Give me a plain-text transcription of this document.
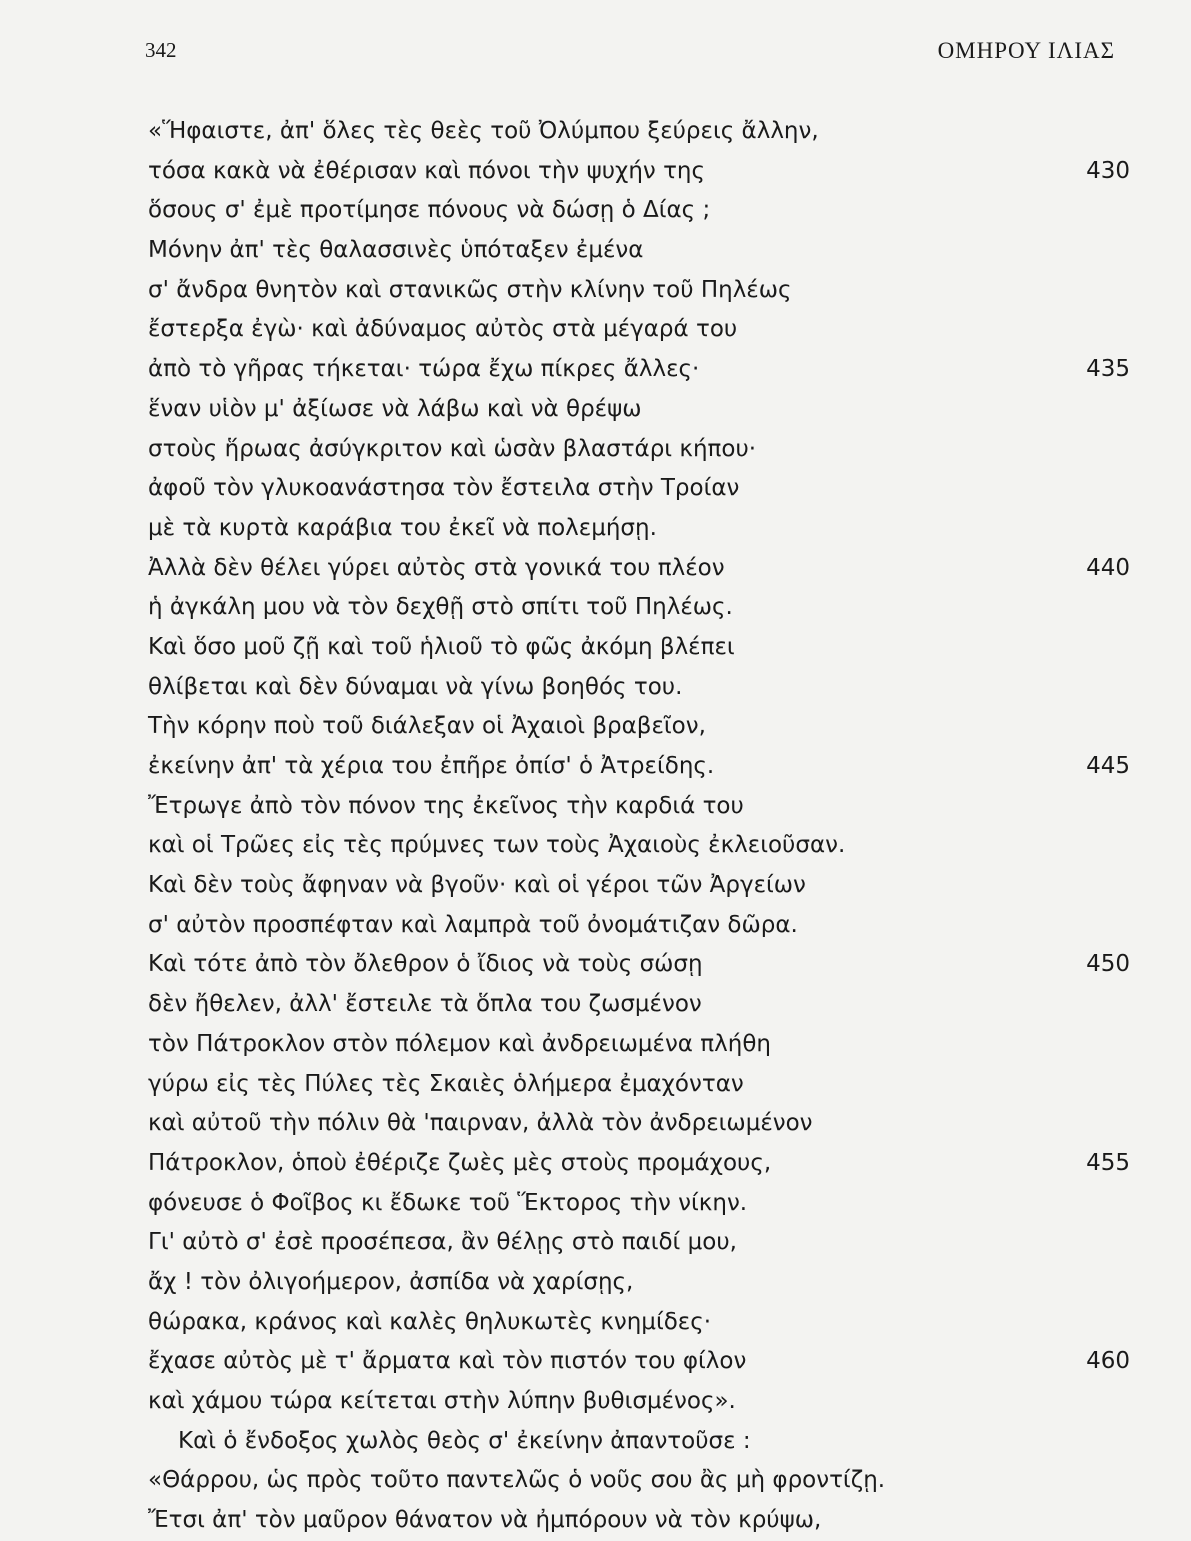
342	ΟΜΗΡΟΥ ΙΛΙΑΣ
«Ἥφαιστε, ἀπ' ὅλες τὲς θεὲς τοῦ Ὀλύμπου ξεύρεις ἄλλην,
τόσα κακὰ νὰ ἐθέρισαν καὶ πόνοι τὴν ψυχήν της	430
ὅσους σ' ἐμὲ προτίμησε πόνους νὰ δώσῃ ὁ Δίας ;
Μόνην ἀπ' τὲς θαλασσινὲς ὑπόταξεν ἐμένα
σ' ἄνδρα θνητὸν καὶ στανικῶς στὴν κλίνην τοῦ Πηλέως
ἔστερξα ἐγὼ· καὶ ἀδύναμος αὐτὸς στὰ μέγαρά του
ἀπὸ τὸ γῆρας τήκεται· τώρα ἔχω πίκρες ἄλλες·	435
ἕναν υἱὸν μ' ἀξίωσε νὰ λάβω καὶ νὰ θρέψω
στοὺς ἥρωας ἀσύγκριτον καὶ ὡσὰν βλαστάρι κήπου·
ἀφοῦ τὸν γλυκοανάστησα τὸν ἔστειλα στὴν Τροίαν
μὲ τὰ κυρτὰ καράβια του ἐκεῖ νὰ πολεμήσῃ.
Ἀλλὰ δὲν θέλει γύρει αὐτὸς στὰ γονικά του πλέον	440
ἡ ἀγκάλη μου νὰ τὸν δεχθῇ στὸ σπίτι τοῦ Πηλέως.
Καὶ ὅσο μοῦ ζῇ καὶ τοῦ ἡλιοῦ τὸ φῶς ἀκόμη βλέπει
θλίβεται καὶ δὲν δύναμαι νὰ γίνω βοηθός του.
Τὴν κόρην ποὺ τοῦ διάλεξαν οἱ Ἀχαιοὶ βραβεῖον,
ἐκείνην ἀπ' τὰ χέρια του ἐπῆρε ὀπίσ' ὁ Ἀτρείδης.	445
Ἔτρωγε ἀπὸ τὸν πόνον της ἐκεῖνος τὴν καρδιά του
καὶ οἱ Τρῶες εἰς τὲς πρύμνες των τοὺς Ἀχαιοὺς ἐκλειοῦσαν.
Καὶ δὲν τοὺς ἄφηναν νὰ βγοῦν· καὶ οἱ γέροι τῶν Ἀργείων
σ' αὐτὸν προσπέφταν καὶ λαμπρὰ τοῦ ὀνομάτιζαν δῶρα.
Καὶ τότε ἀπὸ τὸν ὄλεθρον ὁ ἴδιος νὰ τοὺς σώσῃ	450
δὲν ἤθελεν, ἀλλ' ἔστειλε τὰ ὅπλα του ζωσμένον
τὸν Πάτροκλον στὸν πόλεμον καὶ ἀνδρειωμένα πλήθη
γύρω εἰς τὲς Πύλες τὲς Σκαιὲς ὁλήμερα ἐμαχόνταν
καὶ αὐτοῦ τὴν πόλιν θὰ 'παιρναν, ἀλλὰ τὸν ἀνδρειωμένον
Πάτροκλον, ὁποὺ ἐθέριζε ζωὲς μὲς στοὺς προμάχους,	455
φόνευσε ὁ Φοῖβος κι ἔδωκε τοῦ Ἕκτορος τὴν νίκην.
Γι' αὐτὸ σ' ἐσὲ προσέπεσα, ἂν θέλῃς στὸ παιδί μου,
ἄχ ! τὸν ὀλιγοήμερον, ἀσπίδα νὰ χαρίσῃς,
θώρακα, κράνος καὶ καλὲς θηλυκωτὲς κνημίδες·
ἔχασε αὐτὸς μὲ τ' ἄρματα καὶ τὸν πιστόν του φίλον	460
καὶ χάμου τώρα κείτεται στὴν λύπην βυθισμένος».
Καὶ ὁ ἔνδοξος χωλὸς θεὸς σ' ἐκείνην ἀπαντοῦσε :
«Θάρρου, ὡς πρὸς τοῦτο παντελῶς ὁ νοῦς σου ἂς μὴ φροντίζῃ.
Ἔτσι ἀπ' τὸν μαῦρον θάνατον νὰ ἠμπόρουν νὰ τὸν κρύψω,
